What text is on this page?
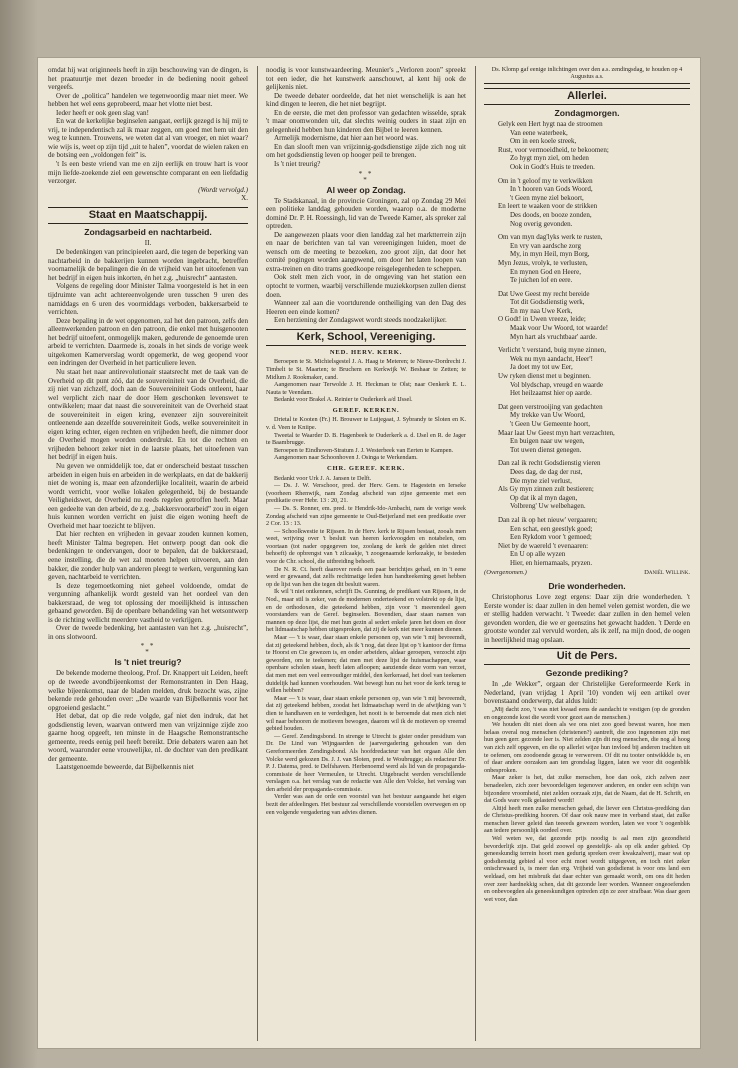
omdat hij wat originneels heeft in zijn beschouwing van de dingen, is het praatuurtje met dezen broeder in de bediening nooit geheel vergeefs.

Over de „politica” handelen we tegenwoordig maar niet meer. We hebben het wel eens geprobeerd, maar het vlotte niet best.

Ieder heeft er ook geen slag van!

En wat de kerkelijke beginselen aangaat, eerlijk gezegd is hij mij te vrij, te independentisch zal ik maar zeggen, om goed met hem uit den weg te kunnen. Trouwens, we weten dat al van vroeger, en niet waar? wie wijs is, weet op zijn tijd „uit te halen”, voordat de wielen raken en de botsing een „voldongen feit” is.

't Is een beste vriend van me en zijn eerlijk en trouw hart is voor mijn liefde-zoekende ziel een gewenschte comparant en een liefdadig verzorger.

(Wordt vervolgd.)
X.
Staat en Maatschappij.
Zondagsarbeid en nachtarbeid.
II.

De bedenkingen van principieelen aard, die tegen de beperking van nachtarbeid in de bakkerijen kunnen worden ingebracht, betreffen voornamelijk de bepalingen die én de vrijheid van het uitoefenen van het bedrijf in eigen huis inkorten, én het z.g. „huisrecht” aantasten.

Volgens de regeling door Minister Talma voorgesteld is het in een tijdruimte van acht achtereenvolgende uren tusschen 9 uren des namiddags en 6 uren des voormiddags verboden, bakkersarbeid te verrichten.

Deze bepaling in de wet opgenomen, zal het den patroon, zelfs den alleenwerkenden patroon en den patroon, die enkel met huisgenooten het bedrijf uitoefent, onmogelijk maken, gedurende de genoemde uren arbeid te verrichten. Daarmede is, zooals in het sinds de vorige week uitgekomen Kamerverslag wordt opgemerkt, de weg geopend voor een indringen der Overheid in het particuliere leven.

Nu staat het naar antirevolutionair staatsrecht met de taak van de Overheid op dit punt zóó, dat de souvereiniteit van de Overheid, die zij niet van zichzelf, doch aan de Souvereiniteit Gods ontleent, haar wel verplicht zich naar de door Hem geschonken levenswet te ontwikkelen; maar dat naast die souvereiniteit van de Overheid staat de souvereiniteit in eigen kring, evenzeer zijn souvereiniteit ontleenende aan dezelfde souvereiniteit Gods, welke souvereiniteit in eigen kring echter, eigen rechten en vrijheden heeft, die nimmer door de Overheid mogen worden onderdrukt. En tot die rechten en vrijheden behoort zeker niet in de laatste plaats, het uitoefenen van het bedrijf in eigen huis.

Nu geven we onmiddelijk toe, dat er onderscheid bestaat tusschen arbeiden in eigen huis en arbeiden in de werkplaats, en dat de bakkerij niet de woning is, maar een afzonderlijke localiteit, waarin de arbeid wordt verricht, voor welke lokalen gelegenheid, bij de bestaande Veiligheidswet, de Overheid nu reeds regelen getroffen heeft. Maar een gedeelte van den arbeid, de z.g. „bakkersvoorarbeid” zou in eigen huis kunnen worden verricht en juist die eigen woning heeft de Overheid met haar toezicht te blijven.

Dat hier rechten en vrijheden in gevaar zouden kunnen komen, heeft Minister Talma begrepen. Het ontwerp poogt dan ook die bedenkingen te ondervangen, door te bepalen, dat de bakkersraad, eene instelling, die de wet zal moeten helpen uitvoeren, aan den bakker, die zonder hulp van anderen pleegt te werken, vergunning kan geven, nachtarbeid te verrichten.

Is deze tegemoetkoming niet geheel voldoende, omdat de vergunning afhankelijk wordt gesteld van het oordeel van den bakkersraad, de weg tot oplossing der moeilijkheid is intusschen gebaand geworden. Bij de openbare behandeling van het wetsontwerp is de richting wellicht meerdere vastheid te verkrijgen.

Over de tweede bedenking, het aantasten van het z.g. „huisrecht”, in ons slotwoord.

* *
*
Is 't niet treurig?

De bekende moderne theoloog, Prof. Dr. Knappert uit Leiden, heeft op de tweede avondbijeenkomst der Remonstranten in Den Haag, welke bijeenkomst, naar de bladen melden, druk bezocht was, zijne bekende rede gehouden over: „De waarde van Bijbelkennis voor het opgroeiend geslacht.”

Het debat, dat op die rede volgde, gaf niet den indruk, dat het godsdienstig leven, waarvan ontwerd men van vrijzinnige zijde zoo gaarne hoog opgeeft, ten minste in de Haagsche Remonstrantsche gemeente, reeds eenig peil heeft bereikt. Drie debaters waren aan het woord, waaronder eene vrouwelijke, nl. de dochter van den predikant der gemeente.

Laatstgenoemde beweerde, dat Bijbelkennis niet

noodig is voor kunstwaardeering. Meunier's „Verloren zoon” spreekt tot een ieder, die het kunstwerk aanschouwt, al kent hij ook de gelijkenis niet.

De tweede debater oordeelde, dat het niet wenschelijk is aan het kind dingen te leeren, die het niet begrijpt.

En de eerste, die met den professor van gedachten wisselde, sprak 't maar onomwonden uit, dat slechts weinig ouders in staat zijn en gelegenheid hebben hun kinderen den Bijbel te leeren kennen.

Armelijk modernisme, dat hier aan het woord was.

En dan slooft men van vrijzinnig-godsdienstige zijde zich nog uit om het godsdienstig leven op hooger peil te brengen.

Is 't niet treurig?

* *
*
Al weer op Zondag.

Te Stadskanaal, in de provincie Groningen, zal op Zondag 29 Mei een politieke landdag gehouden worden, waarop o.a. de moderne dominé Dr. P. H. Roessingh, lid van de Tweede Kamer, als spreker zal optreden.

De aangewezen plaats voor dien landdag zal het marktterrein zijn en naar de berichten van tal van vereenigingen luiden, moet de wensch om de meeting te bezoeken, zoo groot zijn, dat door het comité pogingen worden aangewend, om door het laten loopen van extra-treinen en dito trams goedkoope reisgelegenheden te scheppen.

Ook stelt men zich voor, in de omgeving van het station een optocht te vormen, waarbij verschillende muziekkorpsen zullen dienst doen.

Wanneer zal aan die voortdurende ontheiliging van den Dag des Heeren een einde komen?

Een herziening der Zondagswet wordt steeds noodzakelijker.

Kerk, School, Vereeniging.
NED. HERV. KERK.

Beroepen te St. Michielsgestel J. A. Haag te Meteren; te Nieuw-Dordrecht J. Timbelt te St. Maarten; te Bruchem en Kerkwijk W. Beshaar te Zetten; te Midlum J. Rookmaker, cand.

Aangenomen naar Terwolde J. H. Heckman te Olst; naar Oenkerk E. L. Nauta te Veendam.

Bedankt voor Brakel A. Reinier te Ouderkerk a/d IJssel.

GEREF. KERKEN.

Drietal te Kooten (Fr.) H. Brouwer te Luijegaat, J. Sybrandy te Sloten en K. v. d. Veen te Kniipe.

Tweetal te Waarder D. B. Hagenbeek te Ouderkerk a. d. IJsel en R. de Jager te Baambrugge.

Beroepen te Eindhoven-Stratum J. J. Westerbeek van Eerten te Kampen.

Aangenomen naar Schoonhoven J. Osinga te Werkendam.

CHR. GEREF. KERK.

Bedankt voor Urk J. A. Jansen te Delft.

— Ds. J. W. Verschoor, pred. der Herv. Gem. te Hagestein en Ierseke (voorheen Rhenwijk, nam Zondag afscheid van zijne gemeente met een predikatie over Hebr. 13 : 20, 21.

— Ds. S. Ronner, em. pred. te Hendrik-Ido-Ambacht, nam de vorige week Zondag afscheid van zijne gemeente te Oud-Beijerland met een predikatie over 2 Cor. 13 : 13.

— Schoolkwestie te Rijssen. In de Herv. kerk te Rijssen bestaat, zooals men weet, wrijving over 't besluit van heeren kerkvoogden en notabelen, om voortaan (tot nader opgegeven toe, zoolang de kerk de gelden niet direct behoeft) de opbrengst van 't zilcaakje, 't zoogenaamde kerkezakje, te besteden voor de Chr. school, die uitbreiding behoeft.

De N. R. Ct. heeft daarover reeds een paar berichtjes gehad, en in 't eene werd er gewaand, dat zelfs rechtmatige leden hun handteekening geset hebben op de lijst van hen die tegen dit besluit waren.

Ik wil 't niet ontkennen, schrijft Ds. Gunning, de predikant van Rijssen, in de Nod., maar stil is zeker, van de modernen onderteekend en volstrekt op de lijst, en de orthodoxen, die geteekend hebben, zijn voor 't meerendeel geen voorstanders van de Geref. beginselen. Bovendien, daar staan namen van mannen op deze lijst, die met hun gezin al sedert enkele jaren het doen en door het lidmaatschap hebben uitgesproken, dat zij de kerk niet meer kunnen dienen.

Maar — 't is waar, daar staan enkele personen op, van wie 't mij bevreemdt, dat zij geteekend hebben, doch, als ik 't nog, dat deze lijst op 't kantoor der firma te Hoorst en Cie gewezen is, en onder arbeiders, aldaar geroepen, verzocht zijn geworden, om te teekenen; dat men met deze lijst de huismachappen, waar openbare scholen staan, heeft laten afloopen; aanziende deze vorm van verzet, dat men met een veel eenvoudiger middel, den kerkeraad, het doel van teekenen duidelijk had kunnen voorhouden. Wat bewegt hun nu het voor de kerk terug te willen hebben?

Maar — 't is waar, daar staan enkele personen op, van wie 't mij bevreemdt, dat zij geteekend hebben, zoodat het lidmaatschap werd in de afwijking van 't dien te handhaven en te verdedigen, het nooit is te beroemde dat men zich niet wil naar behooren de motieven bewogen, daarom wil ik de motieven op vreemd gebied houden.

— Geref. Zendingsbond. In strenge te Utrecht is gister onder presidium van Dr. De Lind van Wijngaarden de jaarvergadering gehouden van den Gereformeerden Zendingsbond. Als hoofdredacteur van het orgaan Alle den Volcke werd gekozen Ds. J. J. van Sloten, pred. te Woubrugge; als redacteur Dr. P. J. Datema, pred. te Delfshaven. Herbenoemd werd als lid van de propaganda-commissie de heer Vermeulen, te Utrecht. Uitgebracht werden verschillende verslagen o.a. het verslag van de redactie van Alle den Volcke, het verslag van den arbeid der propaganda-commissie.

Verder was aan de orde een voorstel van het bestuur aangaande het eigen bezit der afdeelingen. Het bestuur zal verschillende voorstellen overwegen en op een volgende vergadering van advies dienen.

Ds. Klomp gaf eenige inlichtingen over den a.s. zendingsdag, te houden op 4 Augustus a.s.
Allerlei.
Zondagmorgen.
Gelyk een Hert hygt naa de stroomen
Van eene waterbeek,
Om in een koele streek,
Rust, voor vermoeidheid, te bekoomen;
Zo hygt myn ziel, om heden
Ook in Godt's Huis te treeden.
Om in 't geloof my te verkwikken
In 't hooren van Gods Woord,
't Geen myne ziel bekoort,
En leert te waaken voor de strikken
Des doods, en booze zonden,
Nog overig gevonden.
Om van myn dag'lyks werk te rusten,
En vry van aardsche zorg
My, in myn Heil, myn Borg,
Myn Jezus, vrolyk, te verlusten,
En mynen God en Heere,
Te juichen lof en eere.
Dat Uwe Geest my recht bereide
Tot dit Godsdienstig werk,
En my naa Uwe Kerk,
O Godt! in Uwen vreeze, leide;
Maak voor Uw Woord, tot waarde!
Myn hart als vruchtbaar' aarde.
Verlicht 't verstand, buig myne zinnen,
Wek nu myn aandacht, Heer'!
Ja doet my tot uw Eer,
Uw ryken dienst met u beginnen.
Vol blydschap, vreugd en waarde
Het heilzaamst hier op aarde.
Dat geen verstrooijing van gedachten
My trekke van Uw Woord,
't Geen Uw Gemeente hoort,
Maar laat Uw Geest myn hart verzachten,
En buigen naar uw wegen,
Tot uwen dienst genegen.
Dan zal ik recht Godsdienstig vieren
Dees dag, de dag der rust,
Die myne ziel verlust,
Als Gy myn zinnen zult bestieren;
Op dat ik al myn dagen,
Volbreng' Uw welbehagen.
Dan zal ik op het nieuw' vergaaren;
Een schat, een geestlyk goed;
Een Rykdom voor 't gemoed;
Niet by de waereld 't evenaaren:
En U op alle wyzen
Hier, en hiernamaals, pryzen.
(Overgenomen.)	Daniël Willink.
Drie wonderheden.

Christophorus Love zegt ergens: Daar zijn drie wonderheden. 't Eerste wonder is: daar zullen in den hemel velen gemist worden, die we er stellig hadden verwacht. 't Tweede: daar zullen in den hemel velen gevonden worden, die we er geenszins het gewacht hadden. 't Derde en grootste wonder zal vervuld worden, als ik zelf, na mijn dood, de oogen in heerlijkheid mag opslaan.

Uit de Pers.
Gezonde prediking?

In „de Wekker”, orgaan der Christelijke Gereformeerde Kerk in Nederland, (van vrijdag 1 April '10) vonden wij een artikel over bovenstaand onderwerp, dat aldus luidt:

„Mij dacht zoo, 't was niet kwaad eens de aandacht te vestigen (op de gronden en ongezonde kost die wordt voor gezet aan de menschen.)

We houden dit niet doen als we ons niet zoo goed bewust waren, hoe men helaas overal nog menschen (christenen?) aantreft, die zoo ingenomen zijn met hun geen gerr. gezonde leer is. Niet zelden zijn dit nog menschen, die nog al hoog van zich zelf opgeven, en die op allerlei wijze hun invloed bij anderen trachten uit te oefenen, om zoodoende gezag te verwerven. Of dit nu tooter ontwikkkle is, en of daar andere oorzaken aan ten grondslag liggen, laten we voor dit oogenblik onbesproken.

Maar zeker is het, dat zulke menschen, hoe dan ook, zich zelven zeer benadeelen, zich zeer bevoordeligen tegenover anderen, en onder een schijn van bijzondere vroomheid, niet zelden oorzaak zijn, dat de Naam, dat de H. Schrift, en dat Gods ware volk gelasterd wordt!

Altijd heeft men zulke menschen gehad, die liever een Christus-prediking dan de Christus-prediking hooren. Of daar ook nauw mee in verband staat, dat zulke menschen liever geleid dan teeeeds gewezen worden, laten we voor 't oogenblik aan iedere persoonlijk oordeel over.

Wel weten we, dat gezonde prijs noodig is aal men zijn gezondheid bevorderlijk zijn. Dat geld zoowel op geestelijk- als op elk ander gebied. Op geneeskundig terrein hoort men gedurig spreken over kwakzalverij, maar wat op godsdienstig gebied al voor echt moet wordt uitgegeven, en toch niet zeker onischrwaard is, is meer dan erg. Vrijheid van godsdienst is voor ons land een weldaad, om het misbruik dat daar echter van gemaakt wordt, om ons dit heden over zeer hardnekkig schen, dat dit gezonde leer worden. Wanneer ongeoefenden en onbevoegden als geneeskundigen optreden zijn ze zeer strafbaar. Was daar geen wet voor, dan
